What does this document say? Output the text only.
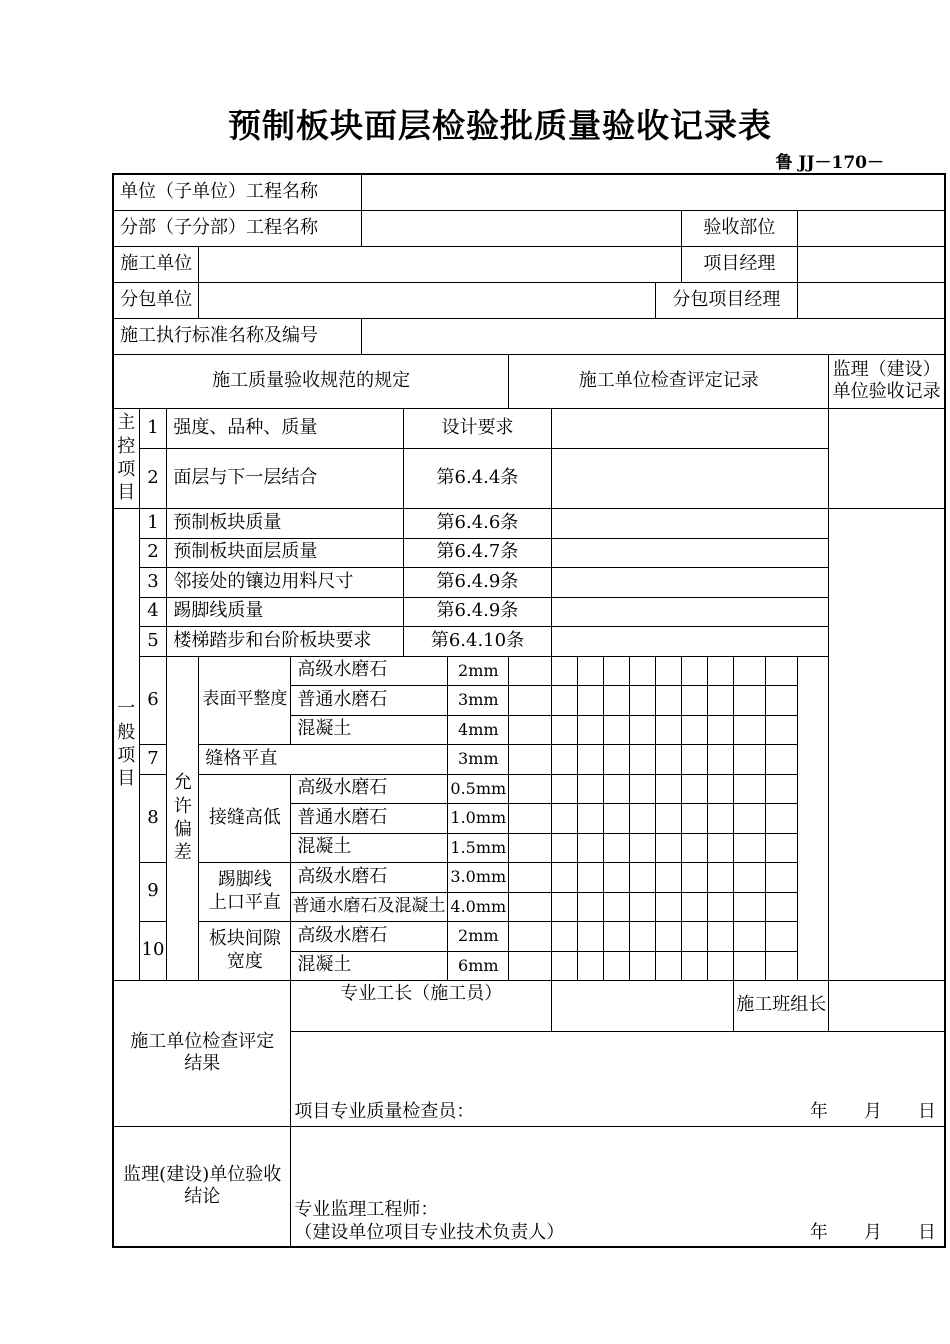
预制板块面层检验批质量验收记录表
鲁 JJ－170－
单位（子单位）工程名称																			
分部（子分部）工程名称														验收部位					
施工单位														项目经理					
分包单位													分包项目经理						
施工执行标准名称及编号																			
施工质量验收规范的规定								施工单位检查评定记录											监理（建设）单位验收记录
主控项目	1	强度、品种、质量				设计要求													
	2	面层与下一层结合				第6.4.4条													
一般项目	1	预制板块质量				第6.4.6条													
	2	预制板块面层质量				第6.4.7条													
	3	邻接处的镶边用料尺寸				第6.4.9条													
	4	踢脚线质量				第6.4.9条													
	5	楼梯踏步和台阶板块要求				第6.4.10条													
	6	允许偏差	表面平整度	高级水磨石			2mm												
				普通水磨石			3mm												
				混凝土			4mm												
	7		缝格平直				3mm												
	8		接缝高低	高级水磨石			0.5mm												
				普通水磨石			1.0mm												
				混凝土			1.5mm												
	9		踢脚线
上口平直	高级水磨石			3.0mm												
				普通水磨石及混凝土			4.0mm												
	10		板块间隙
宽度	高级水磨石			2mm												
				混凝土			6mm												
施工单位检查评定结果				专业工长（施工员）												施工班组长			

				项目专业质量检查员： 年 月 日															

监理(建设)单位验收结论				专业监理工程师：
（建设单位项目专业技术负责人） 年 月 日															
